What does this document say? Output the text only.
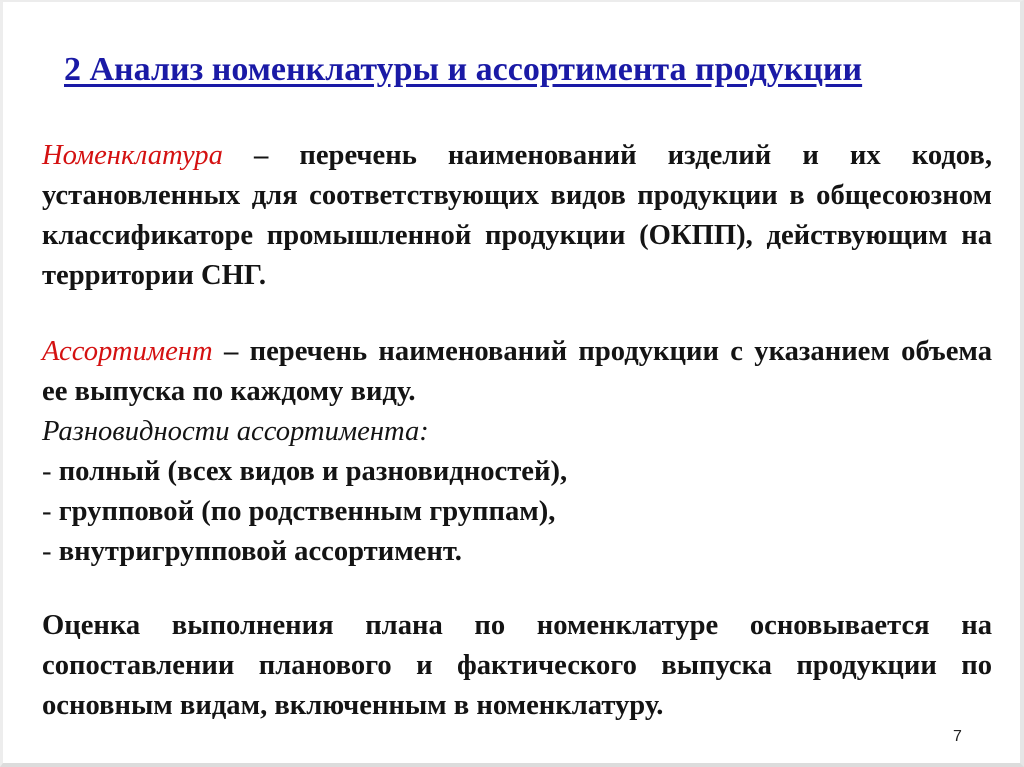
2 Анализ номенклатуры и ассортимента продукции
Номенклатура – перечень наименований изделий и их кодов, установленных для соответствующих видов продукции в общесоюзном классификаторе промышленной продукции (ОКПП), действующим на территории СНГ.
Ассортимент – перечень наименований продукции с указанием объема ее выпуска по каждому виду.
Разновидности ассортимента:
- полный (всех видов и разновидностей),
- групповой (по родственным группам),
- внутригрупповой ассортимент.
Оценка выполнения плана по номенклатуре основывается на сопоставлении планового и фактического выпуска продукции по основным видам, включенным в номенклатуру.
7
